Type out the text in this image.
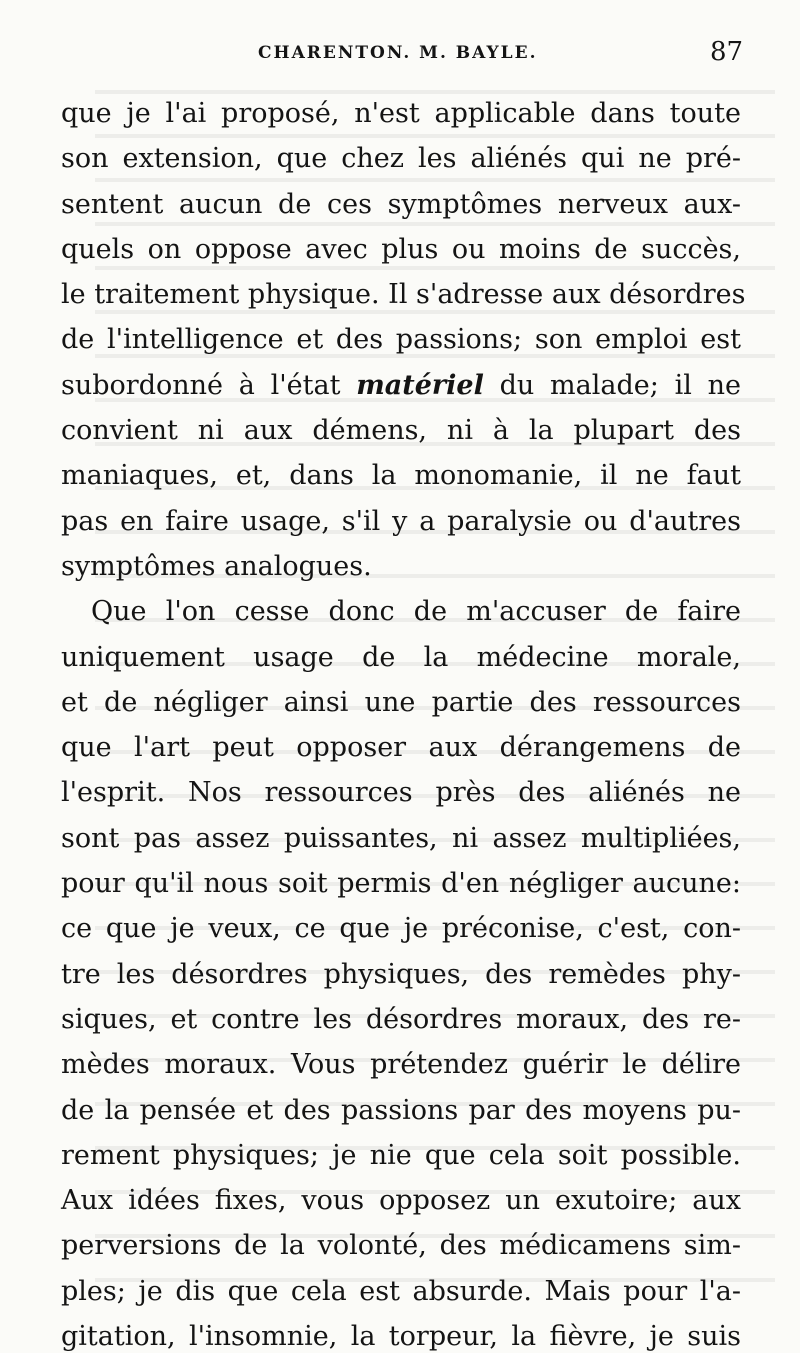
CHARENTON. M. BAYLE.	87
que je l'ai proposé, n'est applicable dans toute
son extension, que chez les aliénés qui ne pré-
sentent aucun de ces symptômes nerveux aux-
quels on oppose avec plus ou moins de succès,
le traitement physique. Il s'adresse aux désordres
de l'intelligence et des passions; son emploi est
subordonné à l'état matériel du malade; il ne
convient ni aux démens, ni à la plupart des
maniaques, et, dans la monomanie, il ne faut
pas en faire usage, s'il y a paralysie ou d'autres
symptômes analogues.
Que l'on cesse donc de m'accuser de faire
uniquement usage de la médecine morale,
et de négliger ainsi une partie des ressources
que l'art peut opposer aux dérangemens de
l'esprit. Nos ressources près des aliénés ne
sont pas assez puissantes, ni assez multipliées,
pour qu'il nous soit permis d'en négliger aucune:
ce que je veux, ce que je préconise, c'est, con-
tre les désordres physiques, des remèdes phy-
siques, et contre les désordres moraux, des re-
mèdes moraux. Vous prétendez guérir le délire
de la pensée et des passions par des moyens pu-
rement physiques; je nie que cela soit possible.
Aux idées fixes, vous opposez un exutoire; aux
perversions de la volonté, des médicamens sim-
ples; je dis que cela est absurde. Mais pour l'a-
gitation, l'insomnie, la torpeur, la fièvre, je suis
